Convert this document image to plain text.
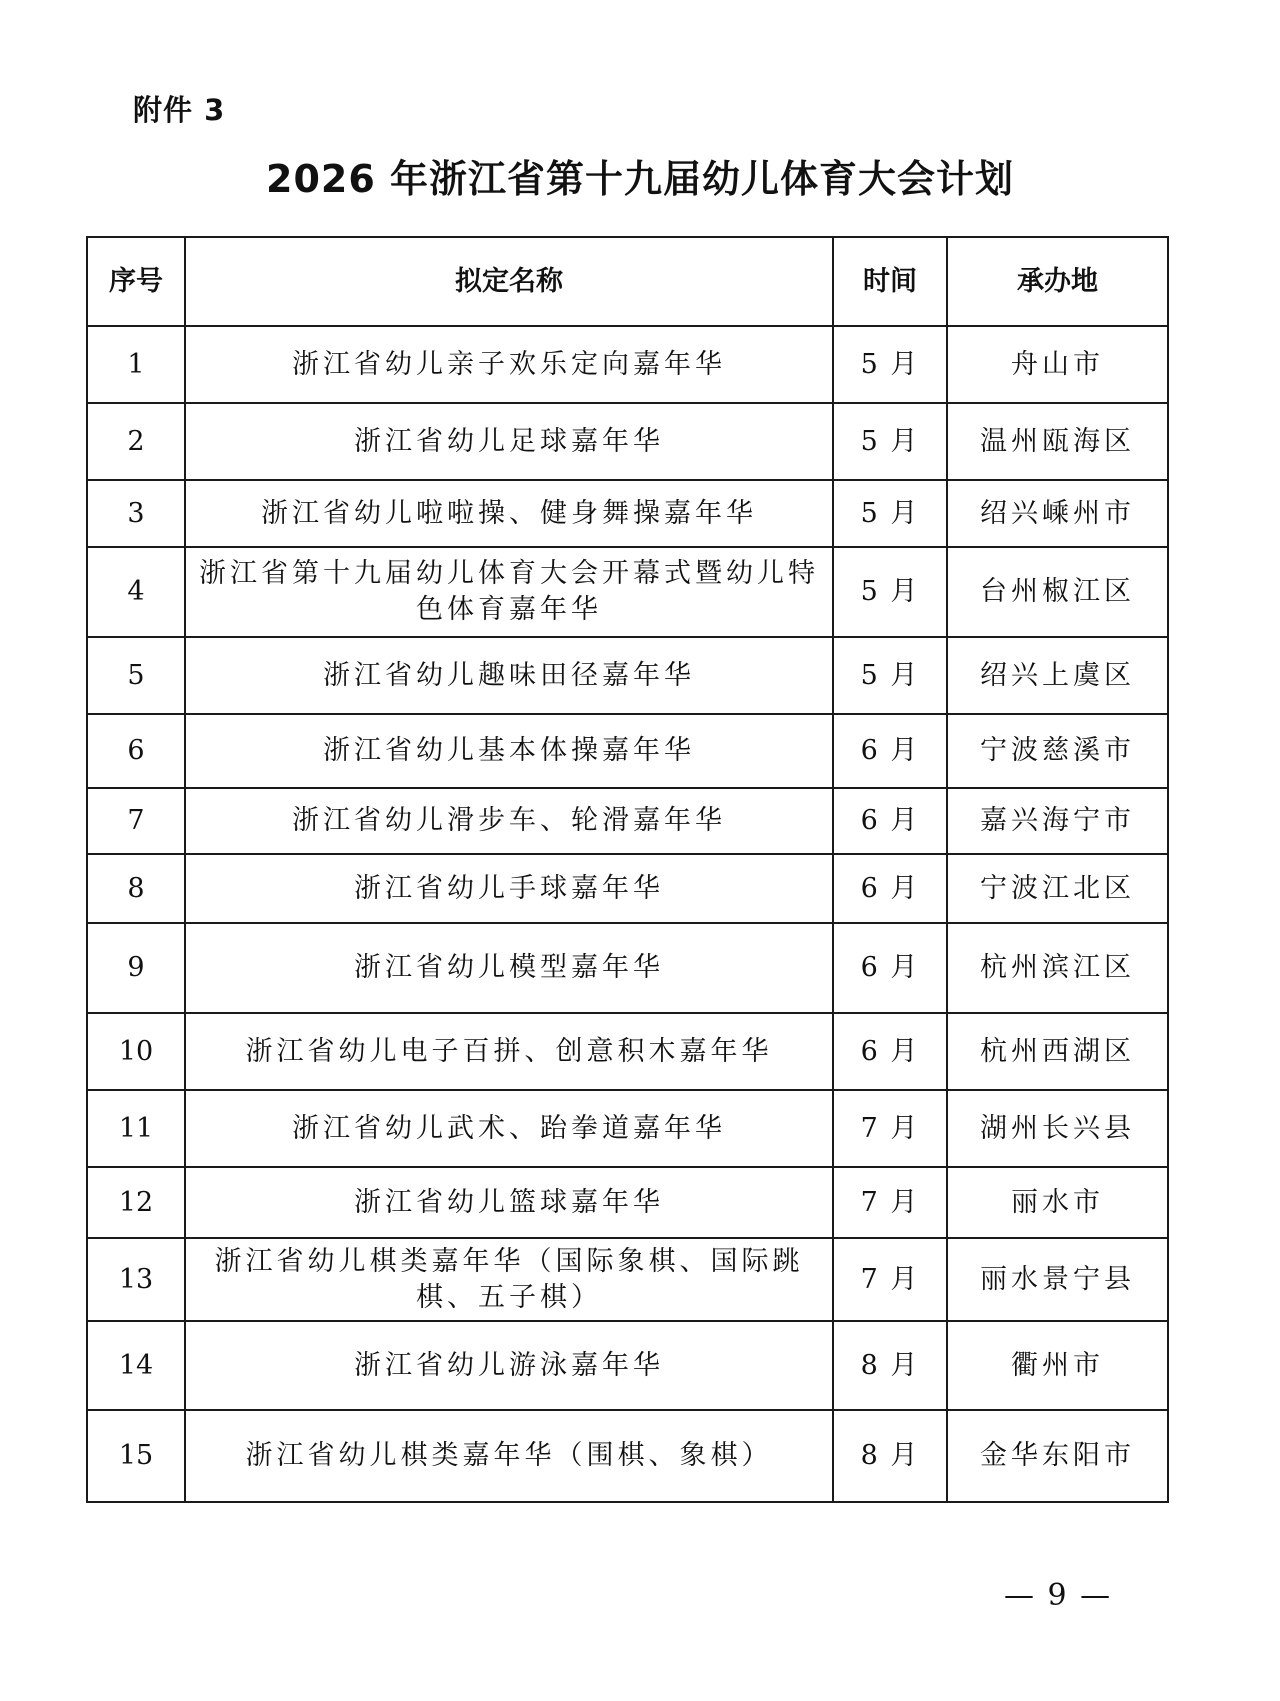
附件 3
2026 年浙江省第十九届幼儿体育大会计划
序号	拟定名称	时间	承办地
1	浙江省幼儿亲子欢乐定向嘉年华	5 月	舟山市
2	浙江省幼儿足球嘉年华	5 月	温州瓯海区
3	浙江省幼儿啦啦操、健身舞操嘉年华	5 月	绍兴嵊州市
4	浙江省第十九届幼儿体育大会开幕式暨幼儿特色体育嘉年华	5 月	台州椒江区
5	浙江省幼儿趣味田径嘉年华	5 月	绍兴上虞区
6	浙江省幼儿基本体操嘉年华	6 月	宁波慈溪市
7	浙江省幼儿滑步车、轮滑嘉年华	6 月	嘉兴海宁市
8	浙江省幼儿手球嘉年华	6 月	宁波江北区
9	浙江省幼儿模型嘉年华	6 月	杭州滨江区
10	浙江省幼儿电子百拼、创意积木嘉年华	6 月	杭州西湖区
11	浙江省幼儿武术、跆拳道嘉年华	7 月	湖州长兴县
12	浙江省幼儿篮球嘉年华	7 月	丽水市
13	浙江省幼儿棋类嘉年华（国际象棋、国际跳棋、五子棋）	7 月	丽水景宁县
14	浙江省幼儿游泳嘉年华	8 月	衢州市
15	浙江省幼儿棋类嘉年华（围棋、象棋）	8 月	金华东阳市
— 9 —
